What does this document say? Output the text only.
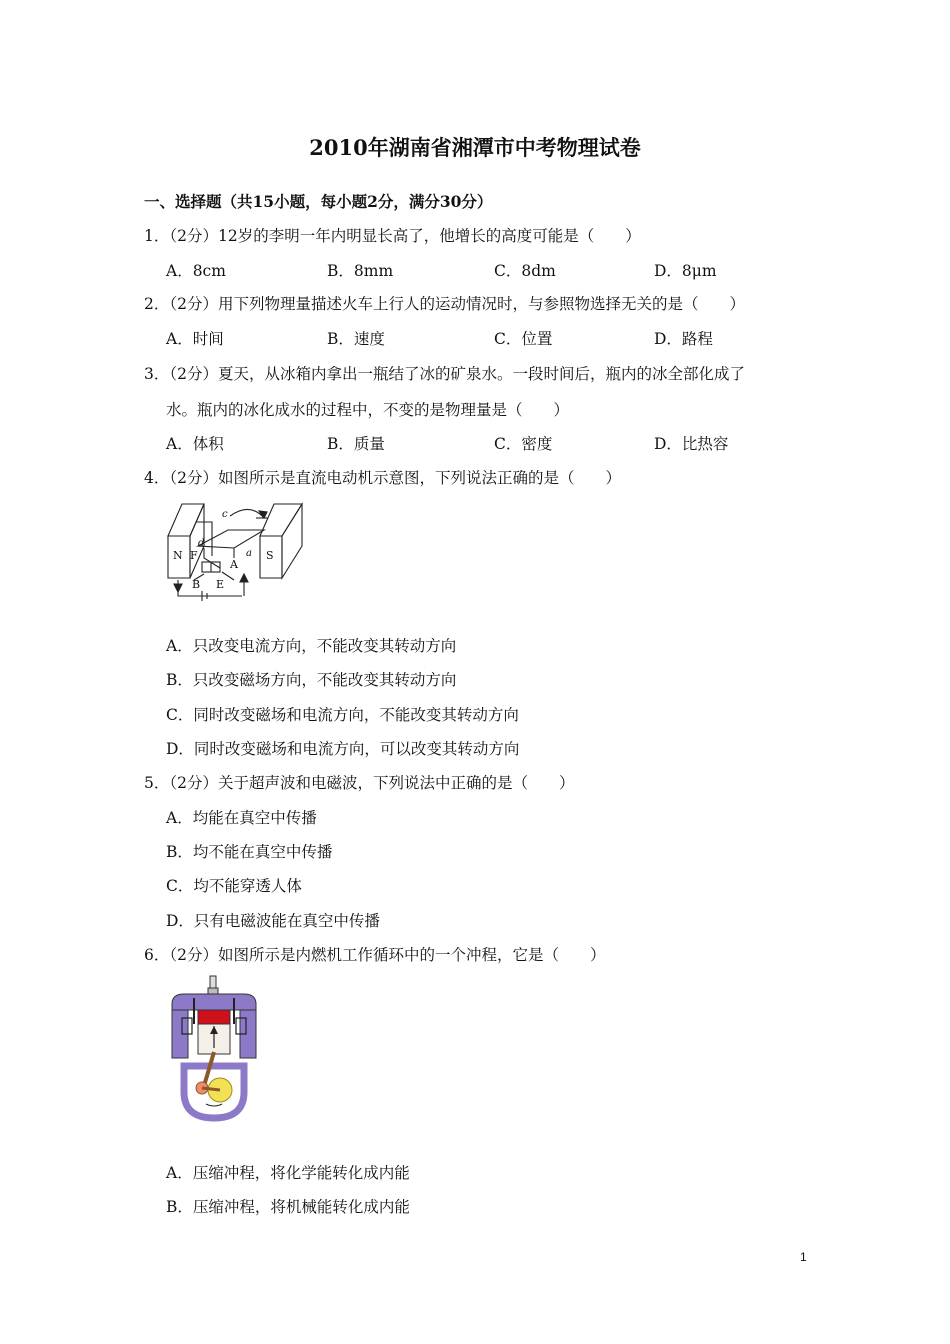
2010年湖南省湘潭市中考物理试卷
一、选择题（共15小题，每小题2分，满分30分）
1．（2分）12岁的李明一年内明显长高了，他增长的高度可能是（　　）
A．8cm	B．8mm	C．8dm	D．8μm
2．（2分）用下列物理量描述火车上行人的运动情况时，与参照物选择无关的是（　　）
A．时间	B．速度	C．位置	D．路程
3．（2分）夏天，从冰箱内拿出一瓶结了冰的矿泉水。一段时间后，瓶内的冰全部化成了
水。瓶内的冰化成水的过程中，不变的是物理量是（　　）
A．体积	B．质量	C．密度	D．比热容
4．（2分）如图所示是直流电动机示意图，下列说法正确的是（　　）
N	S
F
A
B E
c
d
a
A．只改变电流方向，不能改变其转动方向
B．只改变磁场方向，不能改变其转动方向
C．同时改变磁场和电流方向，不能改变其转动方向
D．同时改变磁场和电流方向，可以改变其转动方向
5．（2分）关于超声波和电磁波，下列说法中正确的是（　　）
A．均能在真空中传播
B．均不能在真空中传播
C．均不能穿透人体
D．只有电磁波能在真空中传播
6．（2分）如图所示是内燃机工作循环中的一个冲程，它是（　　）
A．压缩冲程，将化学能转化成内能
B．压缩冲程，将机械能转化成内能
1
